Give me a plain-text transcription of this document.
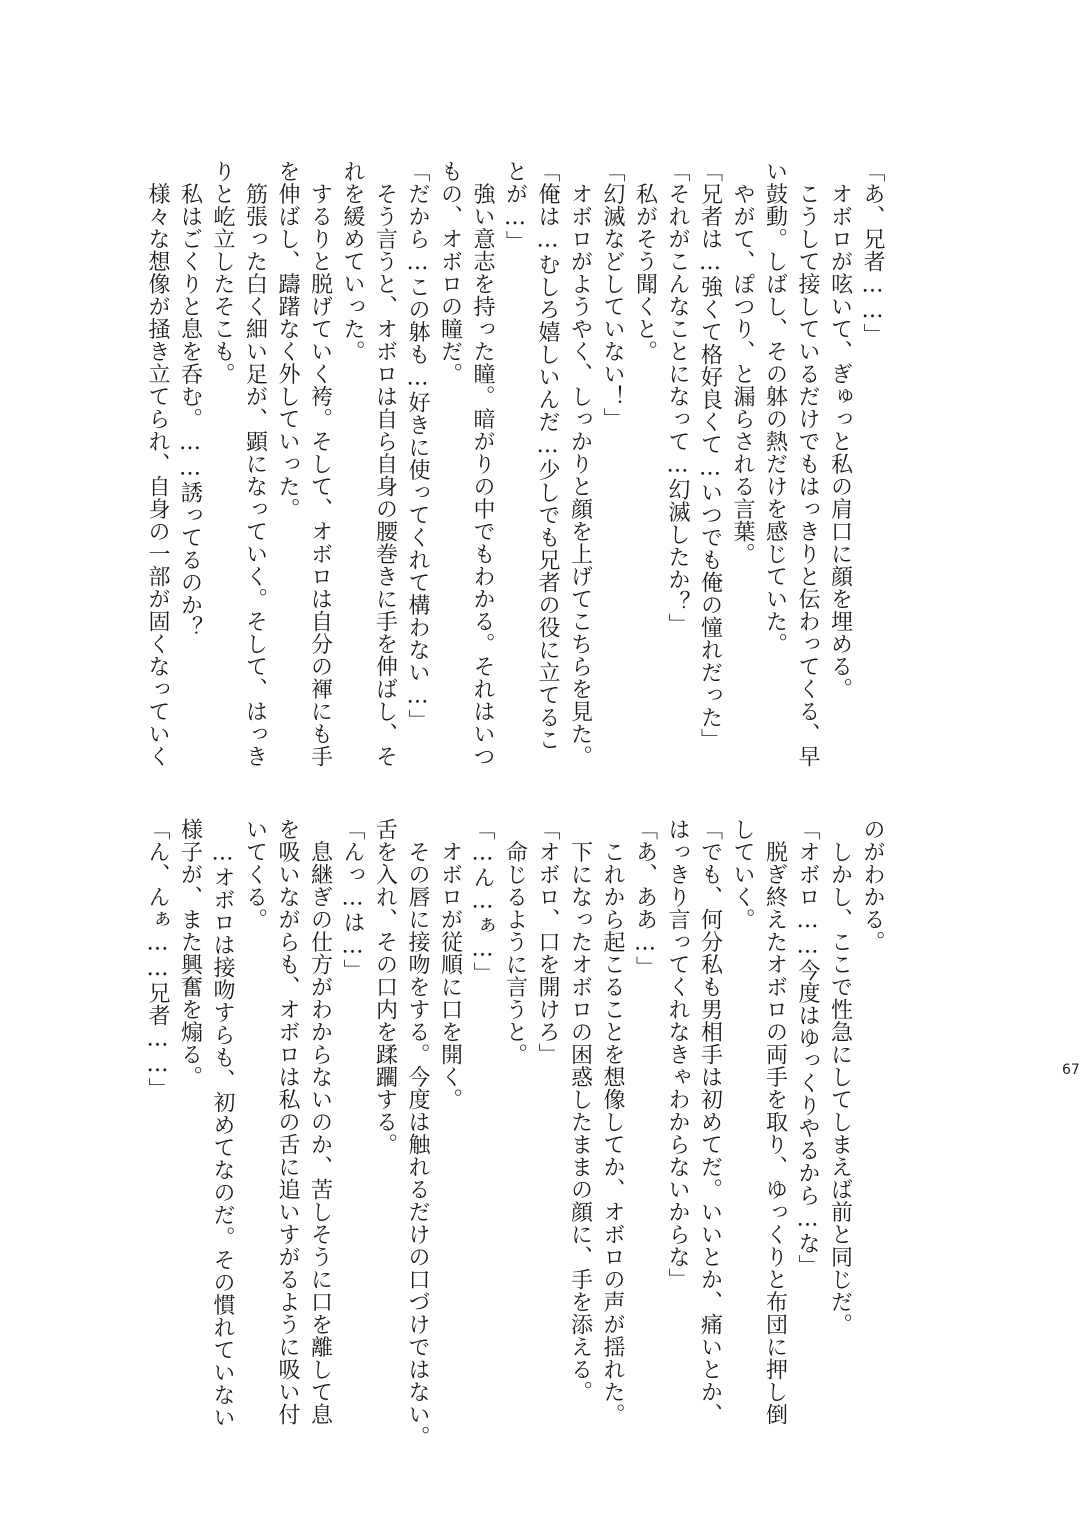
「あ、兄者……」
　オボロが呟いて、ぎゅっと私の肩口に顔を埋める。
　こうして接しているだけでもはっきりと伝わってくる、早
い鼓動。しばし、その躰の熱だけを感じていた。
　やがて、ぽつり、と漏らされる言葉。
「兄者は…強くて格好良くて…いつでも俺の憧れだった」
「それがこんなことになって…幻滅したか？」
　私がそう聞くと。
「幻滅などしていない！」
　オボロがようやく、しっかりと顔を上げてこちらを見た。
「俺は…むしろ嬉しいんだ…少しでも兄者の役に立てるこ
とが…」
　強い意志を持った瞳。暗がりの中でもわかる。それはいつ
もの、オボロの瞳だ。
「だから…この躰も…好きに使ってくれて構わない…」
　そう言うと、オボロは自ら自身の腰巻きに手を伸ばし、そ
れを緩めていった。
　するりと脱げていく袴。そして、オボロは自分の褌にも手
を伸ばし、躊躇なく外していった。
　筋張った白く細い足が、顕になっていく。そして、はっき
りと屹立したそこも。
　私はごくりと息を呑む。……誘ってるのか？
　様々な想像が掻き立てられ、自身の一部が固くなっていく
のがわかる。
　しかし、ここで性急にしてしまえば前と同じだ。
「オボロ……今度はゆっくりやるから…な」
　脱ぎ終えたオボロの両手を取り、ゆっくりと布団に押し倒
していく。
「でも、何分私も男相手は初めてだ。いいとか、痛いとか、
はっきり言ってくれなきゃわからないからな」
「あ、ああ…」
　これから起こることを想像してか、オボロの声が揺れた。
　下になったオボロの困惑したままの顔に、手を添える。
「オボロ、口を開けろ」
　命じるように言うと。
「…ん…ぁ…」
　オボロが従順に口を開く。
　その唇に接吻をする。今度は触れるだけの口づけではない。
舌を入れ、その口内を蹂躙する。
「んっ…は…」
　息継ぎの仕方がわからないのか、苦しそうに口を離して息
を吸いながらも、オボロは私の舌に追いすがるように吸い付
いてくる。
　…オボロは接吻すらも、初めてなのだ。その慣れていない
様子が、また興奮を煽る。
「ん、んぁ……兄者……」	67
